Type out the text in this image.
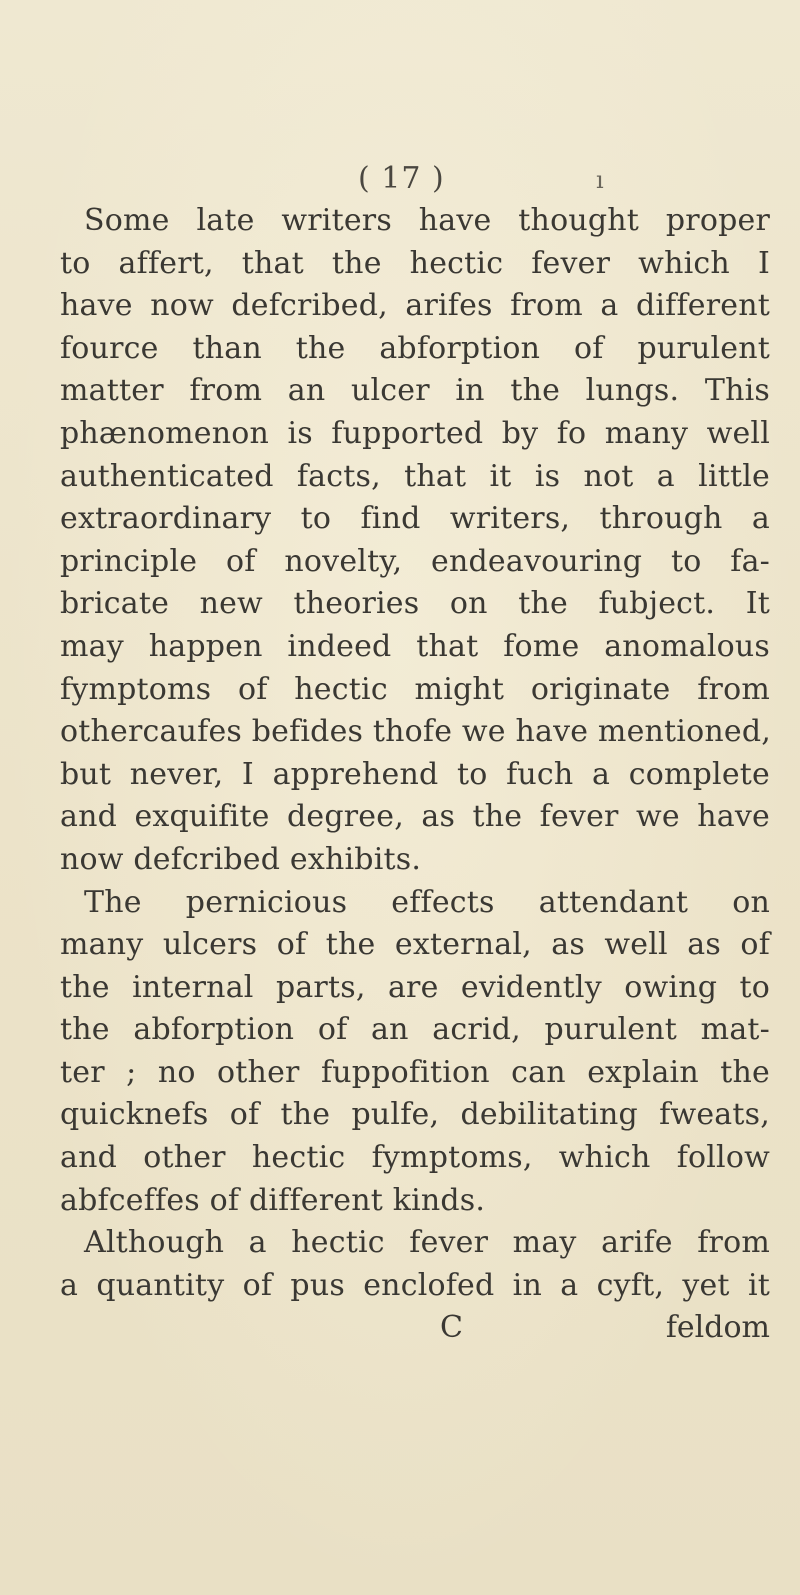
( 17 )	ı
Some late writers have thought proper
to affert, that the hectic fever which I
have now defcribed, arifes from a different
fource than the abforption of purulent
matter from an ulcer in the lungs. This
phænomenon is fupported by fo many well
authenticated facts, that it is not a little
extraordinary to find writers, through a
principle of novelty, endeavouring to fa-
bricate new theories on the fubject. It
may happen indeed that fome anomalous
fymptoms of hectic might originate from
othercaufes befides thofe we have mentioned,
but never, I apprehend to fuch a complete
and exquifite degree, as the fever we have
now defcribed exhibits.
The pernicious effects attendant on
many ulcers of the external, as well as of
the internal parts, are evidently owing to
the abforption of an acrid, purulent mat-
ter ; no other fuppofition can explain the
quicknefs of the pulfe, debilitating fweats,
and other hectic fymptoms, which follow
abfceffes of different kinds.
Although a hectic fever may arife from
a quantity of pus enclofed in a cyft, yet it
C	feldom
